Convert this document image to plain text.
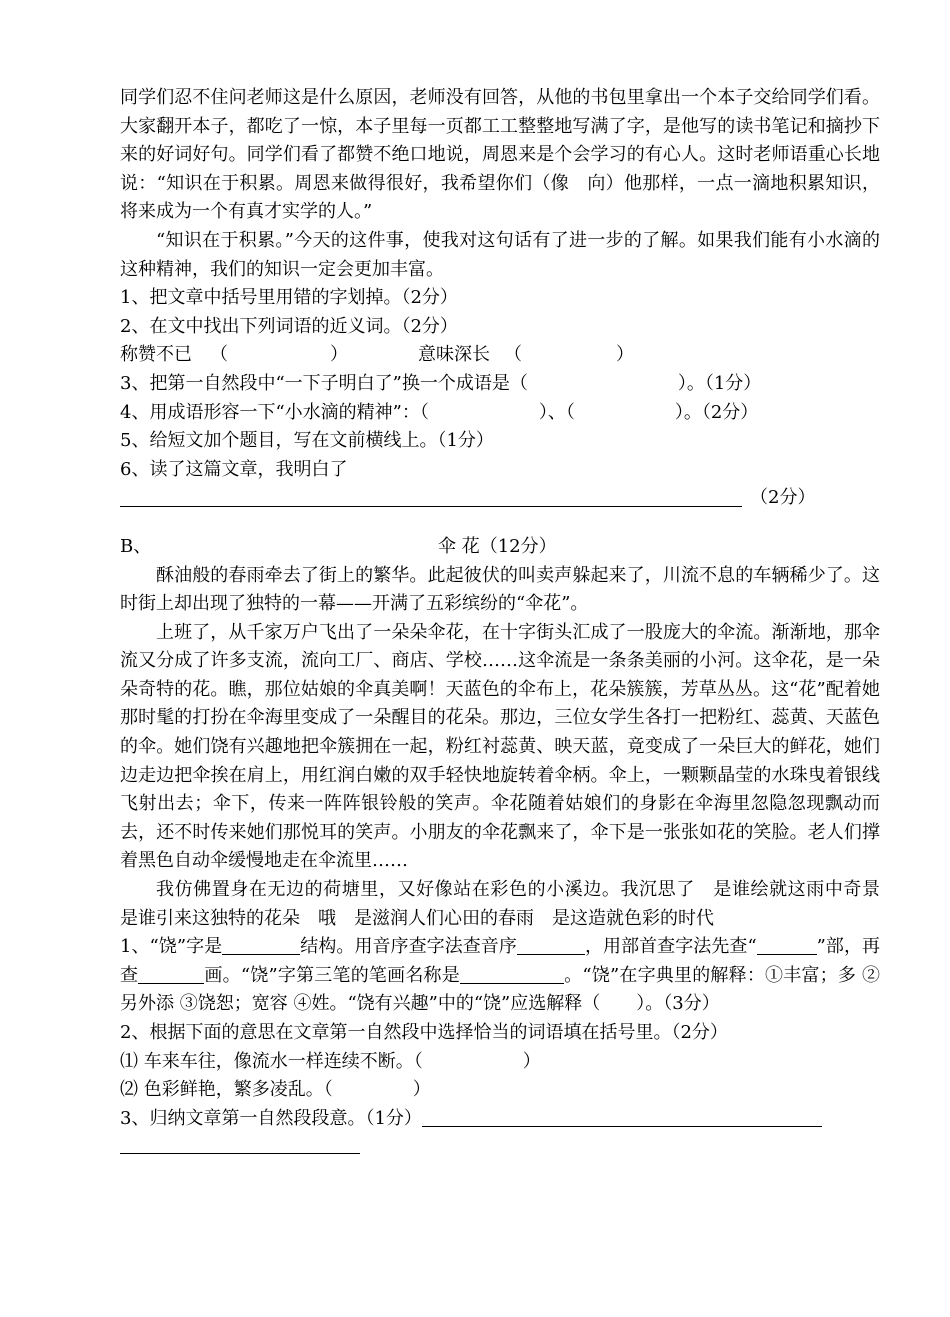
同学们忍不住问老师这是什么原因，老师没有回答，从他的书包里拿出一个本子交给同学们看。大家翻开本子，都吃了一惊，本子里每一页都工工整整地写满了字，是他写的读书笔记和摘抄下来的好词好句。同学们看了都赞不绝口地说，周恩来是个会学习的有心人。这时老师语重心长地说：“知识在于积累。周恩来做得很好，我希望你们（像　向）他那样，一点一滴地积累知识，将来成为一个有真才实学的人。”

“知识在于积累。”今天的这件事，使我对这句话有了进一步的了解。如果我们能有小水滴的这种精神，我们的知识一定会更加丰富。

1、把文章中括号里用错的字划掉。（2分）

2、在文中找出下列词语的近义词。（2分）

称赞不已 （	）	意味深长 （	）

3、把第一自然段中“一下子明白了”换一个成语是（	）。（1分）

4、用成语形容一下“小水滴的精神”：（	）、（	）。（2分）

5、给短文加个题目，写在文前横线上。（1分）

6、读了这篇文章，我明白了

（2分）
B、	伞 花（12分）

酥油般的春雨牵去了街上的繁华。此起彼伏的叫卖声躲起来了，川流不息的车辆稀少了。这时街上却出现了独特的一幕——开满了五彩缤纷的“伞花”。

上班了，从千家万户飞出了一朵朵伞花，在十字街头汇成了一股庞大的伞流。渐渐地，那伞流又分成了许多支流，流向工厂、商店、学校……这伞流是一条条美丽的小河。这伞花，是一朵朵奇特的花。瞧，那位姑娘的伞真美啊！天蓝色的伞布上，花朵簇簇，芳草丛丛。这“花”配着她那时髦的打扮在伞海里变成了一朵醒目的花朵。那边，三位女学生各打一把粉红、蕊黄、天蓝色的伞。她们饶有兴趣地把伞簇拥在一起，粉红衬蕊黄、映天蓝，竟变成了一朵巨大的鲜花，她们边走边把伞挨在肩上，用红润白嫩的双手轻快地旋转着伞柄。伞上，一颗颗晶莹的水珠曳着银线飞射出去；伞下，传来一阵阵银铃般的笑声。伞花随着姑娘们的身影在伞海里忽隐忽现飘动而去，还不时传来她们那悦耳的笑声。小朋友的伞花飘来了，伞下是一张张如花的笑脸。老人们撑着黑色自动伞缓慢地走在伞流里……

我仿佛置身在无边的荷塘里，又好像站在彩色的小溪边。我沉思了　是谁绘就这雨中奇景　是谁引来这独特的花朵　哦　是滋润人们心田的春雨　是这造就色彩的时代

1、“饶”字是	结构。用音序查字法查音序	，用部首查字法先查“	”部，再查	画。“饶”字第三笔的笔画名称是	。“饶”在字典里的解释：①丰富；多 ②另外添 ③饶恕；宽容 ④姓。“饶有兴趣”中的“饶”应选解释（　　）。（3分）

2、根据下面的意思在文章第一自然段中选择恰当的词语填在括号里。（2分）

⑴ 车来车往，像流水一样连续不断。（	）

⑵ 色彩鲜艳，繁多凌乱。（	）

3、归纳文章第一自然段段意。（1分）
